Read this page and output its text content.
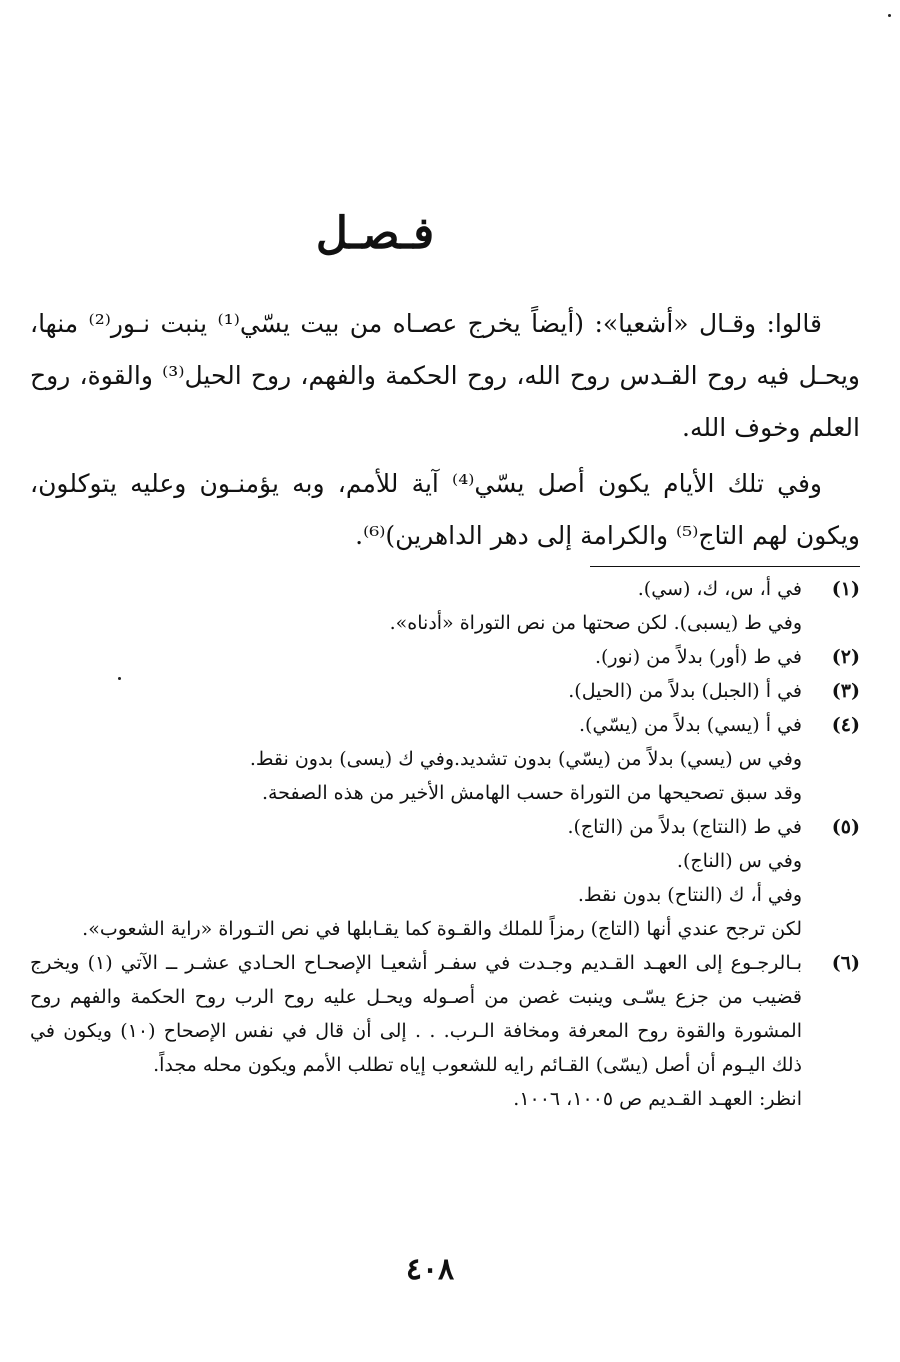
فـصـل

قالوا: وقـال «أشعيا»: (أيضاً يخرج عصـاه من بيت يسّي⁽¹⁾ ينبت نـور⁽²⁾ منها، ويحـل فيه روح القـدس روح الله، روح الحكمة والفهم، روح الحيل⁽³⁾ والقوة، روح العلم وخوف الله.

وفي تلك الأيام يكون أصل يسّي⁽⁴⁾ آية للأمم، وبه يؤمنـون وعليه يتوكلون، ويكون لهم التاج⁽⁵⁾ والكرامة إلى دهر الداهرين)⁽⁶⁾.

(١)
في أ، س، ك، (سي).
وفي ط (يسبى). لكن صحتها من نص التوراة «أدناه».
(٢)
في ط (أور) بدلاً من (نور).
(٣)
في أ (الجبل) بدلاً من (الحيل).
(٤)
في أ (يسي) بدلاً من (يسّي).
وفي س (يسي) بدلاً من (يسّي) بدون تشديد.وفي ك (يسى) بدون نقط.
وقد سبق تصحيحها من التوراة حسب الهامش الأخير من هذه الصفحة.
(٥)
في ط (النتاج) بدلاً من (التاج).
وفي س (الناج).
وفي أ، ك (النتاح) بدون نقط.
لكن ترجح عندي أنها (التاج) رمزاً للملك والقـوة كما يقـابلها في نص التـوراة «راية الشعوب».
(٦)
بـالرجـوع إلى العهـد القـديم وجـدت في سفـر أشعيـا الإصحـاح الحـادي عشـر ــ الآتي (١) ويخرج قضيب من جزع يسّـى وينبت غصن من أصـوله ويحـل عليه روح الرب روح الحكمة والفهم روح المشورة والقوة روح المعرفة ومخافة الـرب. . . إلى أن قال في نفس الإصحاح (١٠) ويكون في ذلك اليـوم أن أصل (يسّى) القـائم رايه للشعوب إياه تطلب الأمم ويكون محله مجداً.
انظر: العهـد القـديم ص ١٠٠٥، ١٠٠٦.
٤٠٨
